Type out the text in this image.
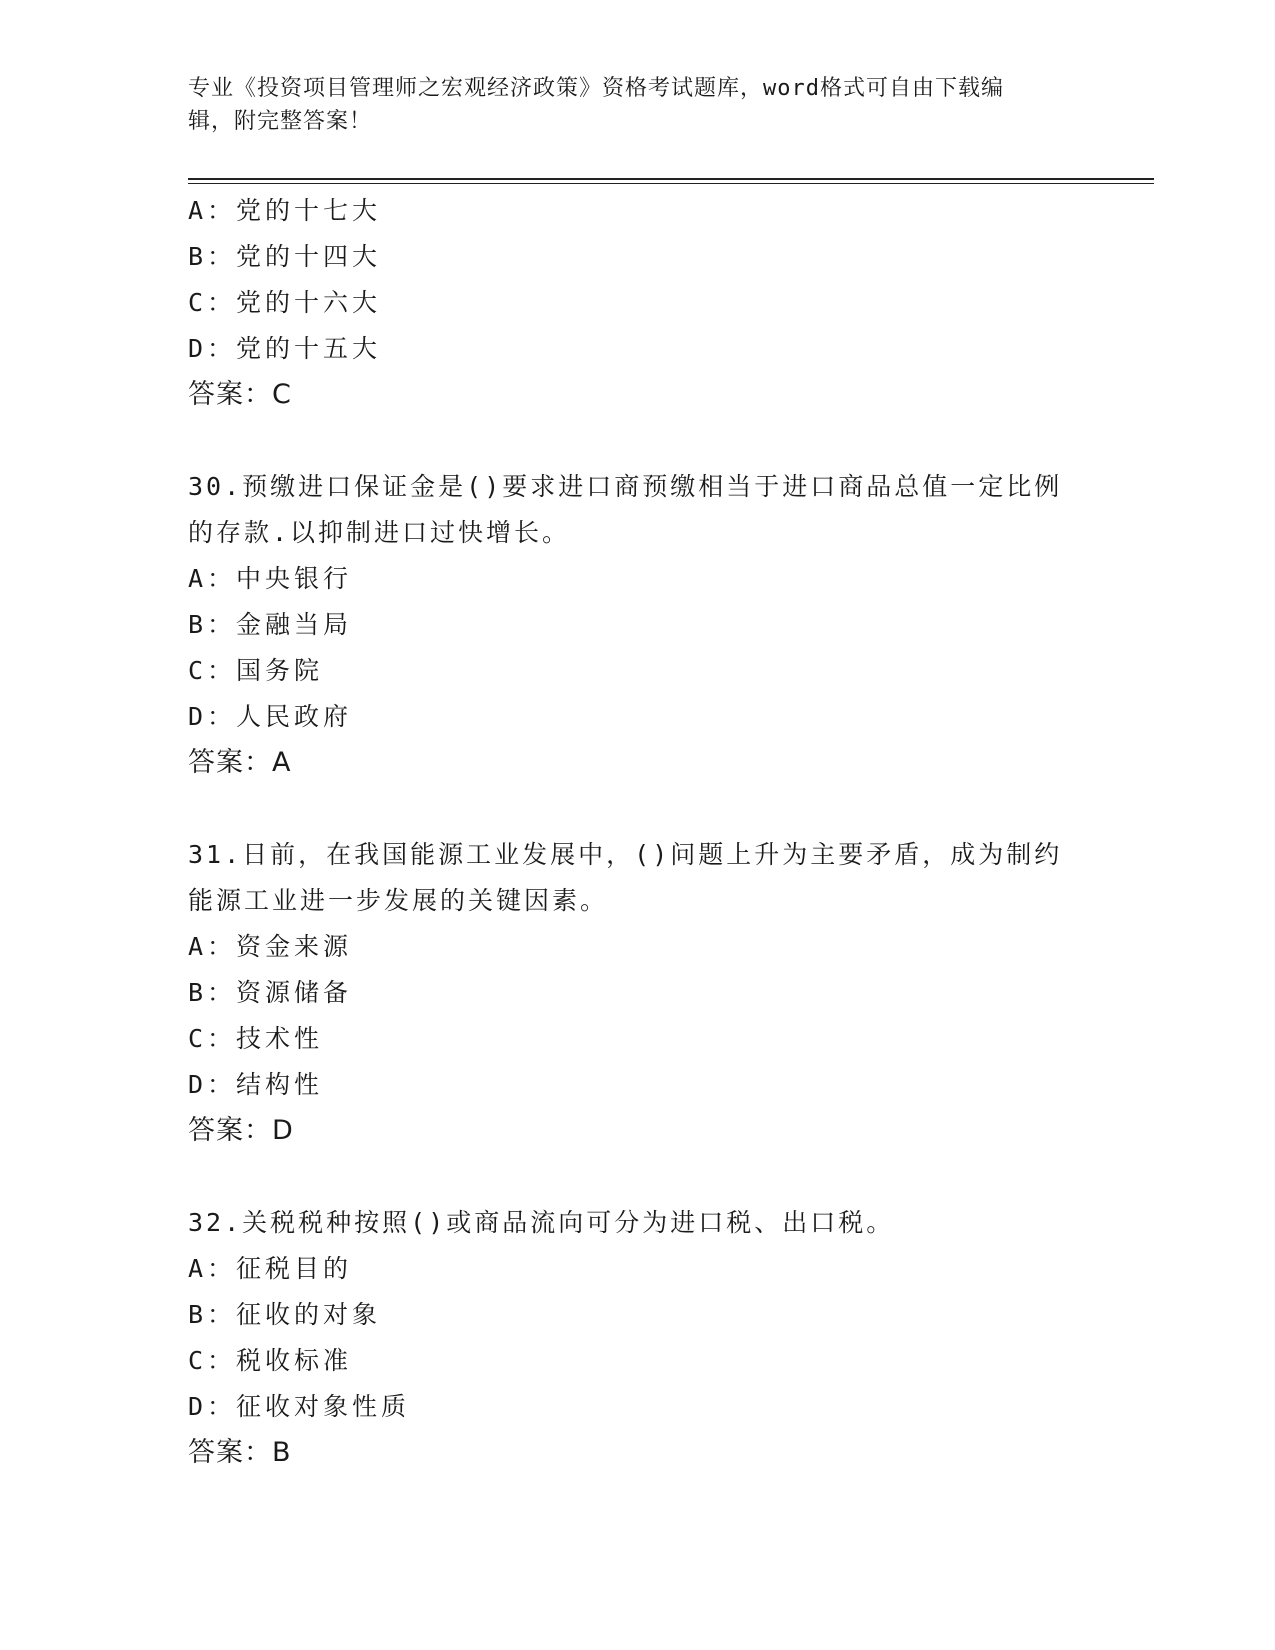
专业《投资项目管理师之宏观经济政策》资格考试题库，word格式可自由下载编
辑，附完整答案！
A：党的十七大
B：党的十四大
C：党的十六大
D：党的十五大
答案：C
30.预缴进口保证金是()要求进口商预缴相当于进口商品总值一定比例
的存款.以抑制进口过快增长。
A：中央银行
B：金融当局
C：国务院
D：人民政府
答案：A
31.日前，在我国能源工业发展中，()问题上升为主要矛盾，成为制约
能源工业进一步发展的关键因素。
A：资金来源
B：资源储备
C：技术性
D：结构性
答案：D
32.关税税种按照()或商品流向可分为进口税、出口税。
A：征税目的
B：征收的对象
C：税收标准
D：征收对象性质
答案：B
